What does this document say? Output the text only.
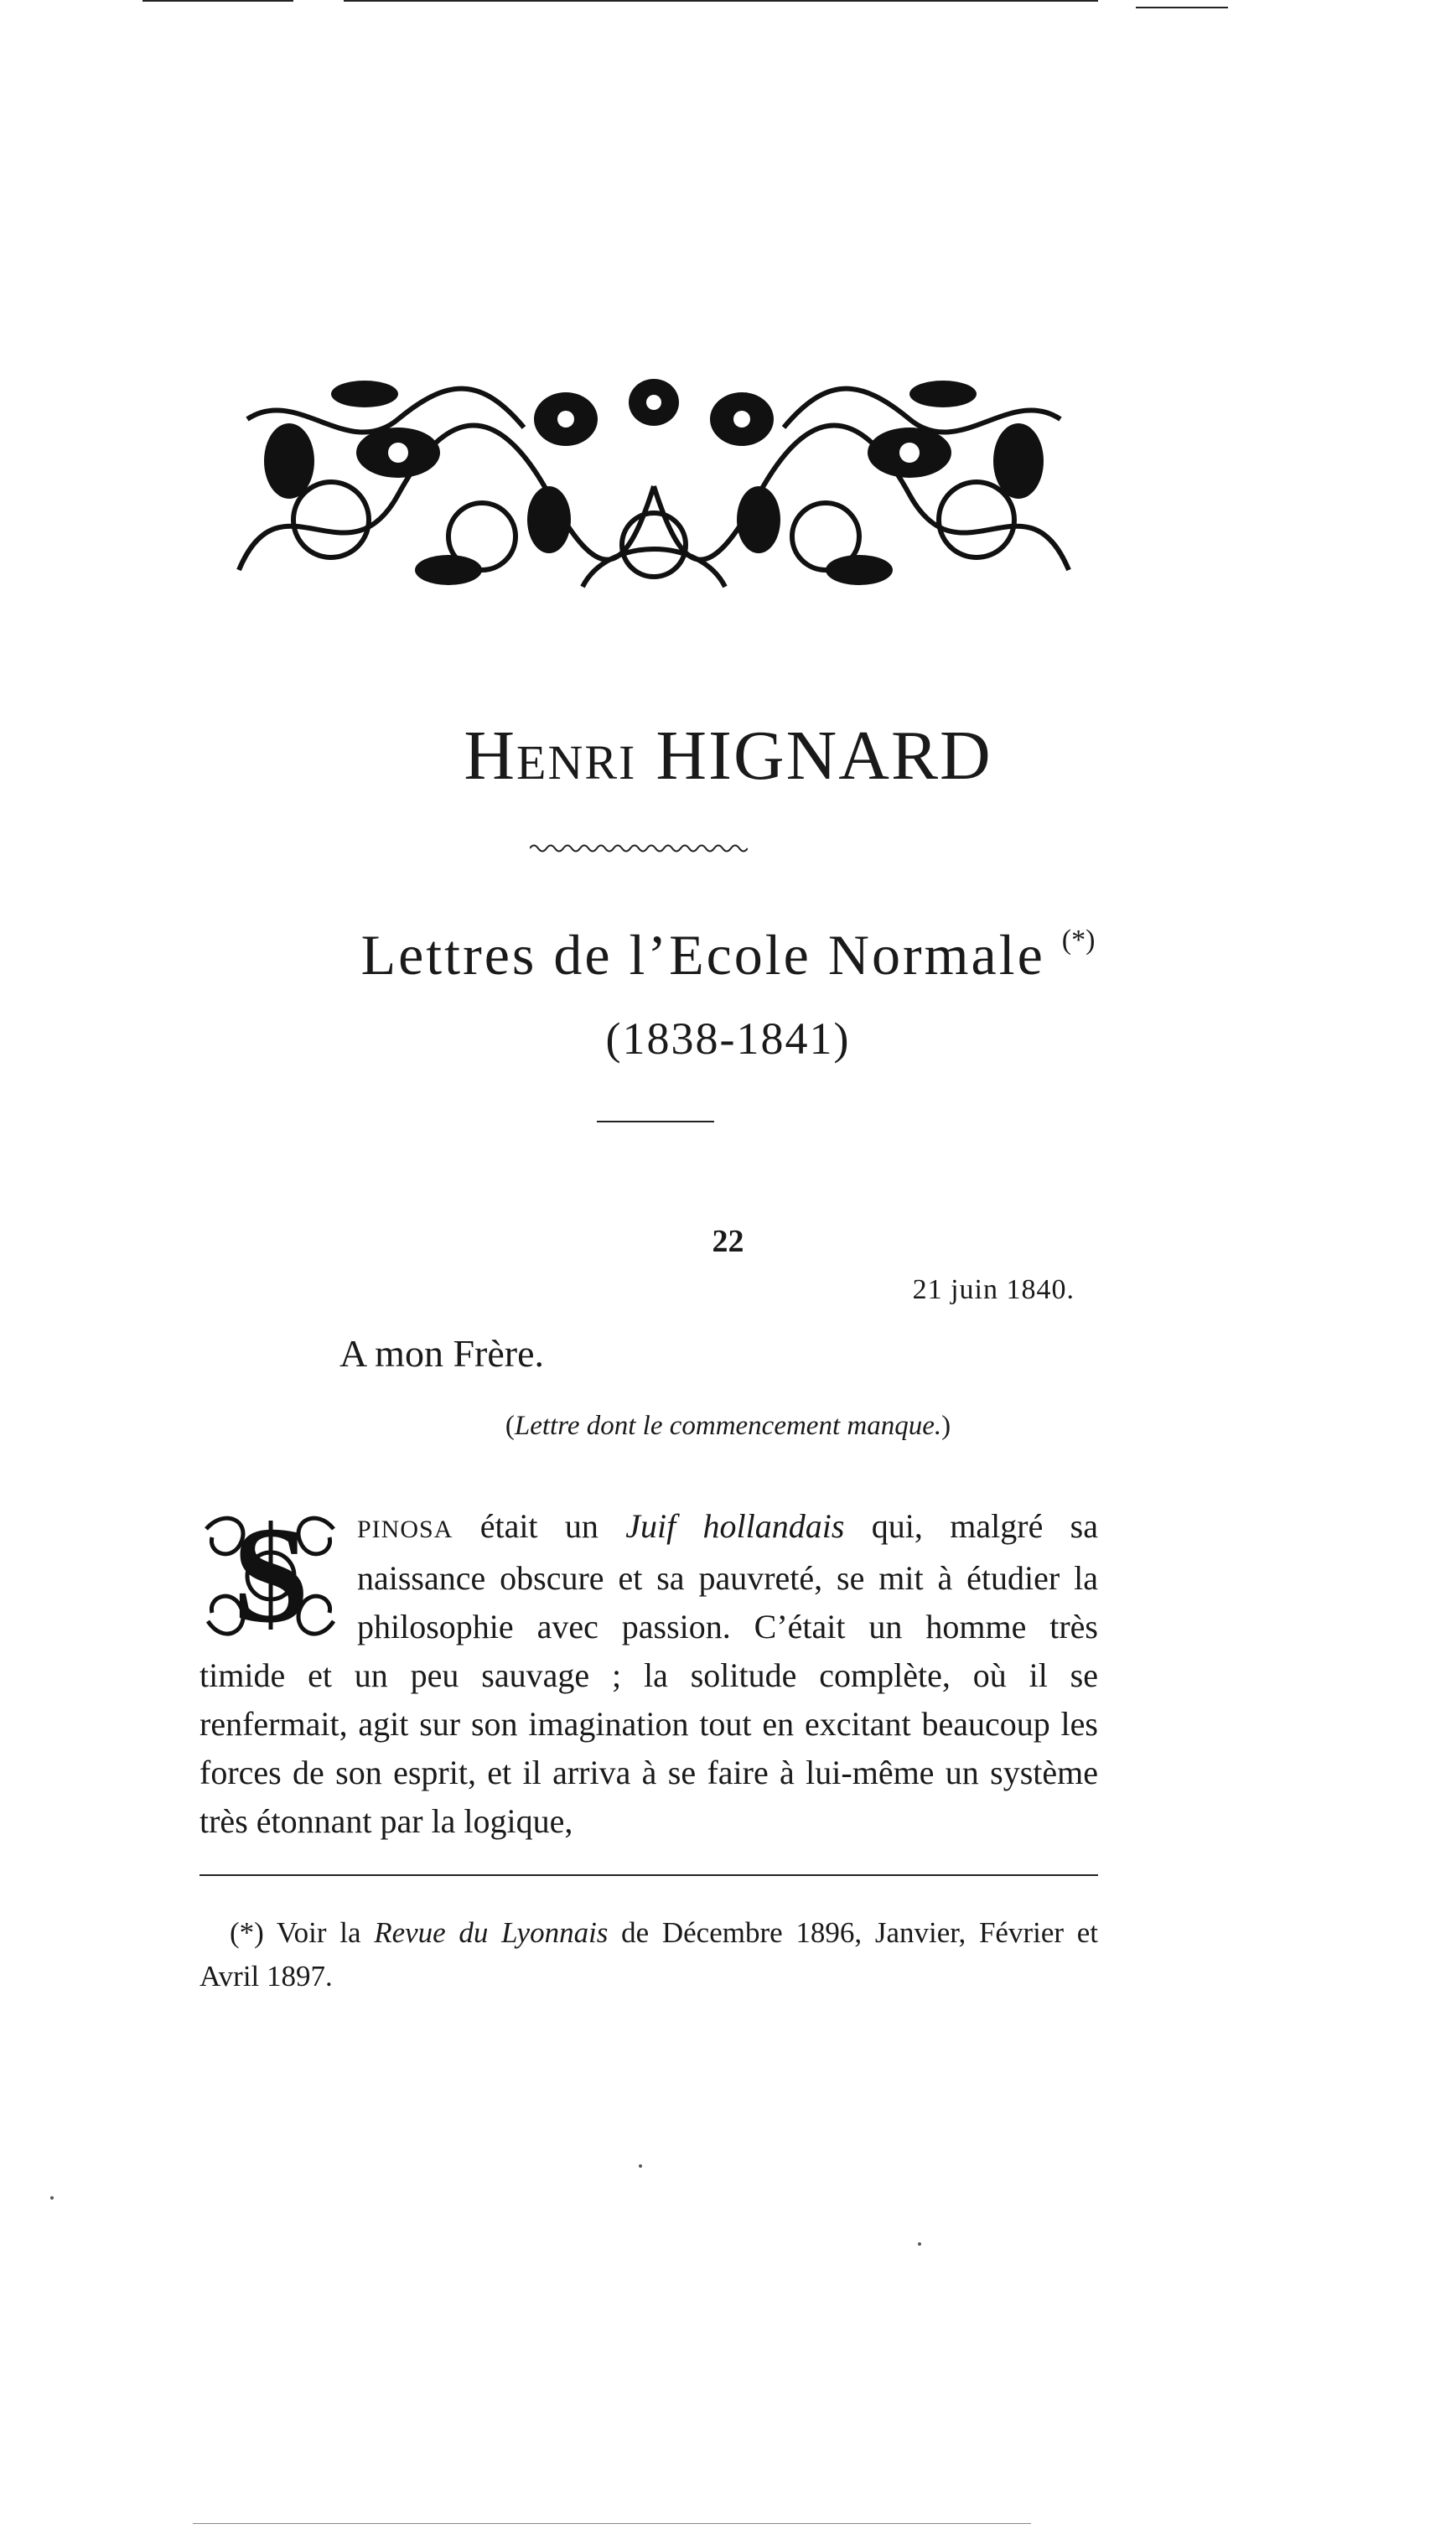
HENRI HIGNARD
Lettres de l’Ecole Normale (*)
(1838-1841)
22
21 juin 1840.
A mon Frère.
(Lettre dont le commencement manque.)
S PINOSA était un Juif hollandais qui, malgré sa naissance obscure et sa pauvreté, se mit à étudier la philosophie avec passion. C’était un homme très timide et un peu sauvage ; la solitude complète, où il se renfermait, agit sur son imagination tout en excitant beaucoup les forces de son esprit, et il arriva à se faire à lui-même un système très étonnant par la logique,
(*) Voir la Revue du Lyonnais de Décembre 1896, Janvier, Février et Avril 1897.
